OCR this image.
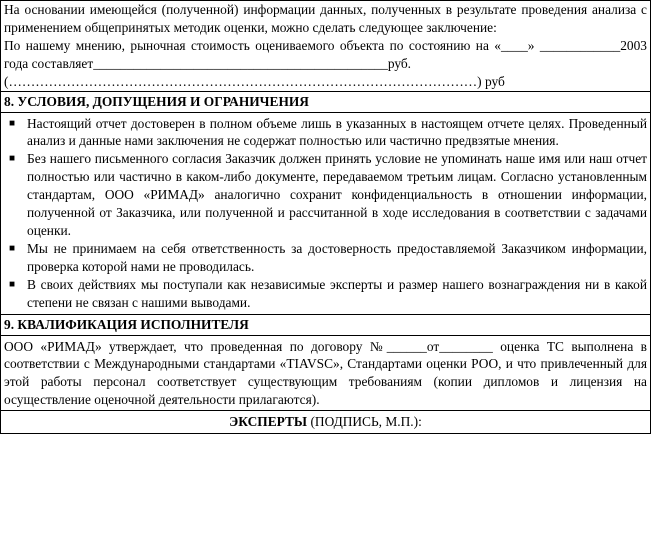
На основании имеющейся (полученной) информации данных, полученных в результате проведения анализа с применением общепринятых методик оценки, можно сделать следующее заключение:

По нашему мнению, рыночная стоимость оцениваемого объекта по состоянию на «____» ____________2003 года составляет____________________________________________руб.

(……………………………………………………………………………………………) руб

8. УСЛОВИЯ, ДОПУЩЕНИЯ И ОГРАНИЧЕНИЯ
■ Настоящий отчет достоверен в полном объеме лишь в указанных в настоящем отчете целях. Проведенный анализ и данные нами заключения не содержат полностью или частично предвзятые мнения.
■ Без нашего письменного согласия Заказчик должен принять условие не упоминать наше имя или наш отчет полностью или частично в каком-либо документе, передаваемом третьим лицам. Согласно установленным стандартам, ООО «РИМАД» аналогично сохранит конфиденциальность в отношении информации, полученной от Заказчика, или полученной и рассчитанной в ходе исследования в соответствии с задачами оценки.
■ Мы не принимаем на себя ответственность за достоверность предоставляемой Заказчиком информации, проверка которой нами не проводилась.
■ В своих действиях мы поступали как независимые эксперты и размер нашего вознаграждения ни в какой степени не связан с нашими выводами.
9. КВАЛИФИКАЦИЯ ИСПОЛНИТЕЛЯ

ООО «РИМАД» утверждает, что проведенная по договору №______от________ оценка ТС выполнена в соответствии с Международными стандартами «TIAVSC», Стандартами оценки РОО, и что привлеченный для этой работы персонал соответствует существующим требованиям (копии дипломов и лицензия на осуществление оценочной деятельности прилагаются).

ЭКСПЕРТЫ (ПОДПИСЬ, М.П.):
